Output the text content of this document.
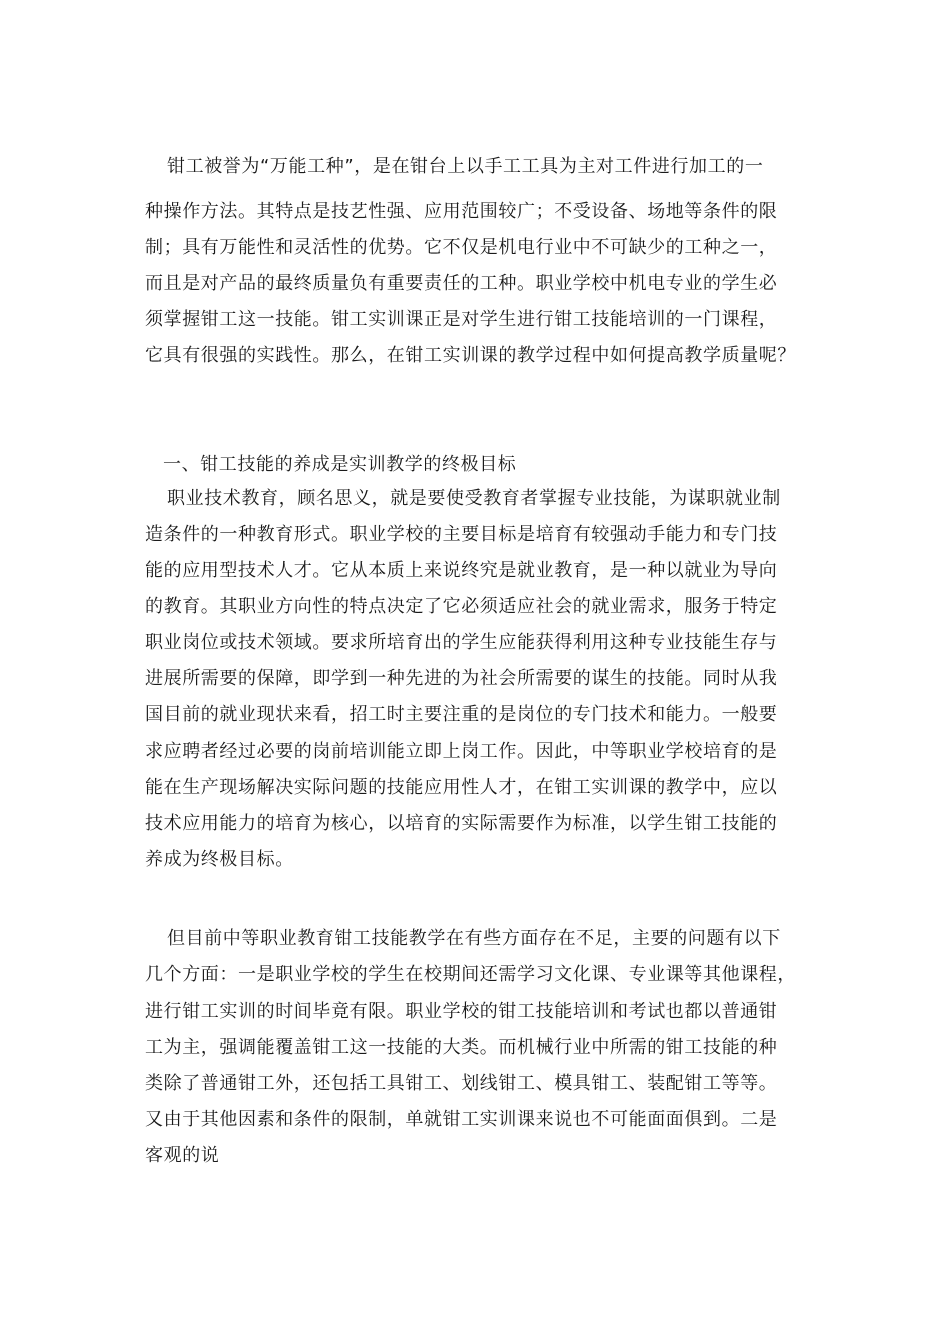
钳工被誉为“万能工种”，是在钳台上以手工工具为主对工件进行加工的一
种操作方法。其特点是技艺性强、应用范围较广；不受设备、场地等条件的限
制；具有万能性和灵活性的优势。它不仅是机电行业中不可缺少的工种之一，
而且是对产品的最终质量负有重要责任的工种。职业学校中机电专业的学生必
须掌握钳工这一技能。钳工实训课正是对学生进行钳工技能培训的一门课程，
它具有很强的实践性。那么，在钳工实训课的教学过程中如何提高教学质量呢？
一、钳工技能的养成是实训教学的终极目标
职业技术教育，顾名思义，就是要使受教育者掌握专业技能，为谋职就业制
造条件的一种教育形式。职业学校的主要目标是培育有较强动手能力和专门技
能的应用型技术人才。它从本质上来说终究是就业教育，是一种以就业为导向
的教育。其职业方向性的特点决定了它必须适应社会的就业需求，服务于特定
职业岗位或技术领域。要求所培育出的学生应能获得利用这种专业技能生存与
进展所需要的保障，即学到一种先进的为社会所需要的谋生的技能。同时从我
国目前的就业现状来看，招工时主要注重的是岗位的专门技术和能力。一般要
求应聘者经过必要的岗前培训能立即上岗工作。因此，中等职业学校培育的是
能在生产现场解决实际问题的技能应用性人才，在钳工实训课的教学中，应以
技术应用能力的培育为核心，以培育的实际需要作为标准，以学生钳工技能的
养成为终极目标。
但目前中等职业教育钳工技能教学在有些方面存在不足，主要的问题有以下
几个方面：一是职业学校的学生在校期间还需学习文化课、专业课等其他课程，
进行钳工实训的时间毕竟有限。职业学校的钳工技能培训和考试也都以普通钳
工为主，强调能覆盖钳工这一技能的大类。而机械行业中所需的钳工技能的种
类除了普通钳工外，还包括工具钳工、划线钳工、模具钳工、装配钳工等等。
又由于其他因素和条件的限制，单就钳工实训课来说也不可能面面俱到。二是
客观的说
